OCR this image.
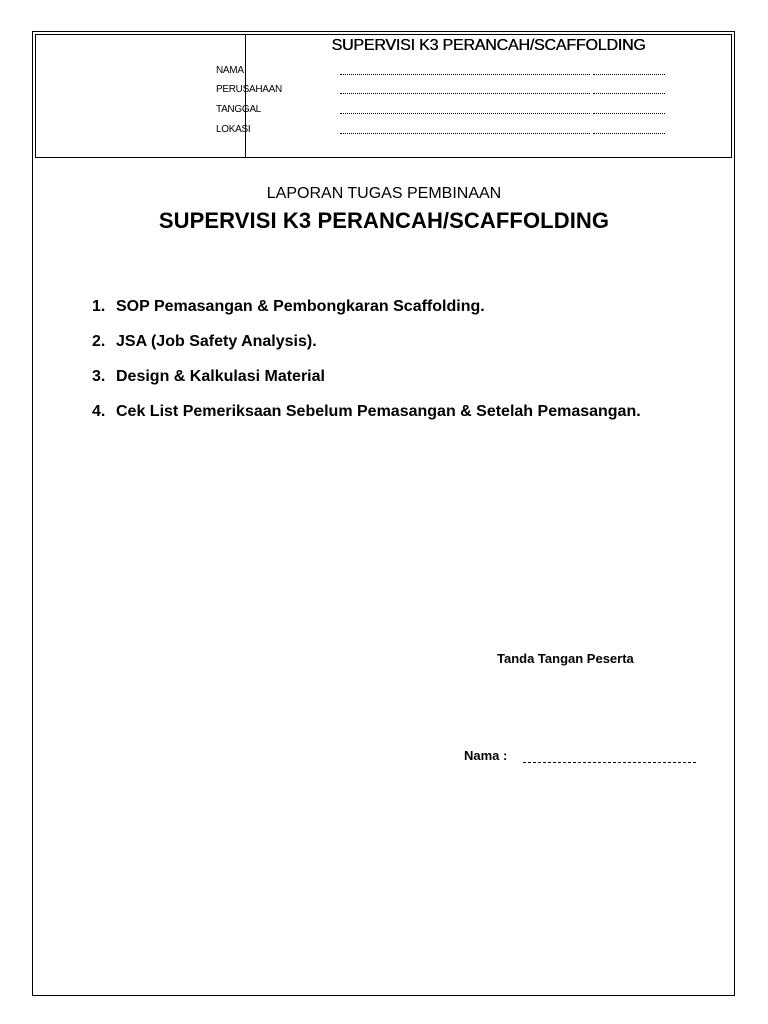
SUPERVISI K3 PERANCAH/SCAFFOLDING
NAMA
PERUSAHAAN
TANGGAL
LOKASI
LAPORAN TUGAS PEMBINAAN
SUPERVISI K3 PERANCAH/SCAFFOLDING
1. SOP Pemasangan & Pembongkaran Scaffolding.
2. JSA (Job Safety Analysis).
3. Design & Kalkulasi Material
4. Cek List Pemeriksaan Sebelum Pemasangan & Setelah Pemasangan.
Tanda Tangan Peserta
Nama :
